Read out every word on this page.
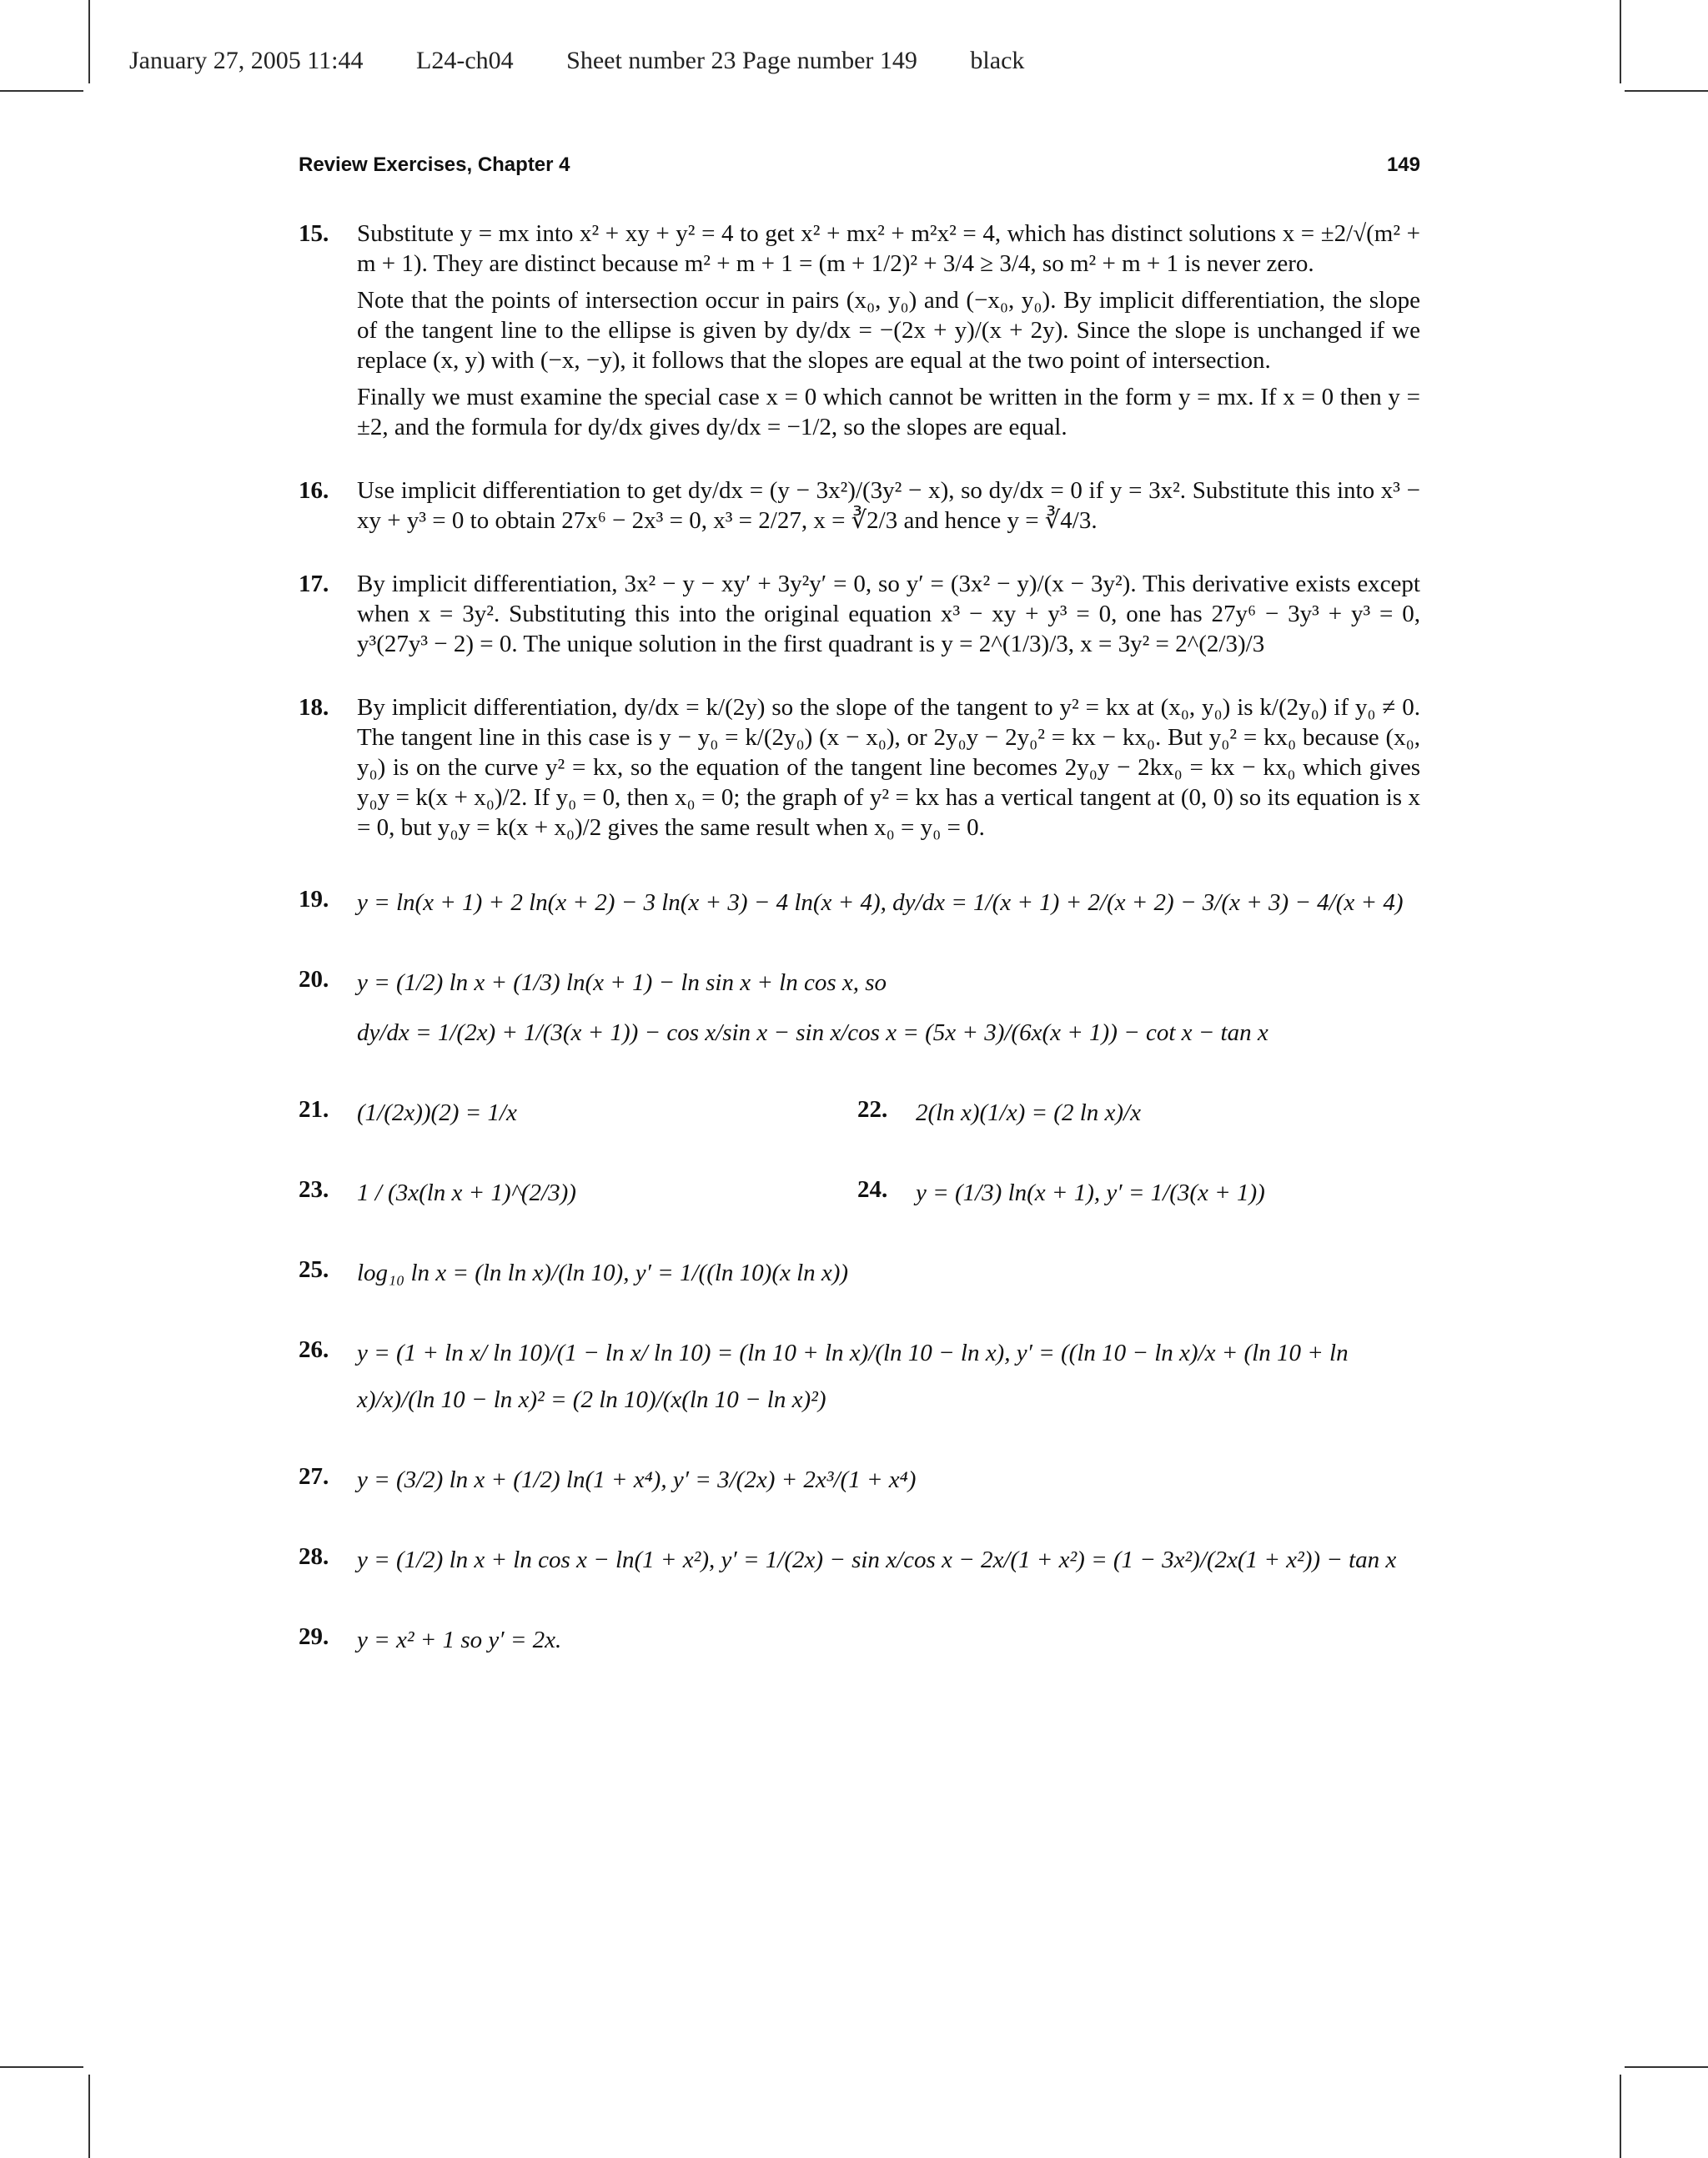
January 27, 2005 11:44 L24-ch04 Sheet number 23 Page number 149 black
Review Exercises, Chapter 4	149
15.	Substitute y = mx into x² + xy + y² = 4 to get x² + mx² + m²x² = 4, which has distinct solutions x = ±2/√(m² + m + 1). They are distinct because m² + m + 1 = (m + 1/2)² + 3/4 ≥ 3/4, so m² + m + 1 is never zero.

Note that the points of intersection occur in pairs (x₀, y₀) and (−x₀, y₀). By implicit differentiation, the slope of the tangent line to the ellipse is given by dy/dx = −(2x + y)/(x + 2y). Since the slope is unchanged if we replace (x, y) with (−x, −y), it follows that the slopes are equal at the two point of intersection.

Finally we must examine the special case x = 0 which cannot be written in the form y = mx. If x = 0 then y = ±2, and the formula for dy/dx gives dy/dx = −1/2, so the slopes are equal.

16.	Use implicit differentiation to get dy/dx = (y − 3x²)/(3y² − x), so dy/dx = 0 if y = 3x². Substitute this into x³ − xy + y³ = 0 to obtain 27x⁶ − 2x³ = 0, x³ = 2/27, x = ∛2/3 and hence y = ∛4/3.

17.	By implicit differentiation, 3x² − y − xy′ + 3y²y′ = 0, so y′ = (3x² − y)/(x − 3y²). This derivative exists except when x = 3y². Substituting this into the original equation x³ − xy + y³ = 0, one has 27y⁶ − 3y³ + y³ = 0, y³(27y³ − 2) = 0. The unique solution in the first quadrant is y = 2^(1/3)/3, x = 3y² = 2^(2/3)/3

18.	By implicit differentiation, dy/dx = k/(2y) so the slope of the tangent to y² = kx at (x₀, y₀) is k/(2y₀) if y₀ ≠ 0. The tangent line in this case is y − y₀ = k/(2y₀) (x − x₀), or 2y₀y − 2y₀² = kx − kx₀. But y₀² = kx₀ because (x₀, y₀) is on the curve y² = kx, so the equation of the tangent line becomes 2y₀y − 2kx₀ = kx − kx₀ which gives y₀y = k(x + x₀)/2. If y₀ = 0, then x₀ = 0; the graph of y² = kx has a vertical tangent at (0, 0) so its equation is x = 0, but y₀y = k(x + x₀)/2 gives the same result when x₀ = y₀ = 0.

19.	y = ln(x + 1) + 2 ln(x + 2) − 3 ln(x + 3) − 4 ln(x + 4), dy/dx = 1/(x + 1) + 2/(x + 2) − 3/(x + 3) − 4/(x + 4)
20.	y = (1/2) ln x + (1/3) ln(x + 1) − ln sin x + ln cos x, so
dy/dx = 1/(2x) + 1/(3(x + 1)) − cos x/sin x − sin x/cos x = (5x + 3)/(6x(x + 1)) − cot x − tan x
21.	(1/(2x))(2) = 1/x	22.	2(ln x)(1/x) = (2 ln x)/x
23.	1 / (3x(ln x + 1)^(2/3))	24.	y = (1/3) ln(x + 1), y′ = 1/(3(x + 1))
25.	log₁₀ ln x = (ln ln x)/(ln 10), y′ = 1/((ln 10)(x ln x))
26.	y = (1 + ln x/ ln 10)/(1 − ln x/ ln 10) = (ln 10 + ln x)/(ln 10 − ln x), y′ = ((ln 10 − ln x)/x + (ln 10 + ln x)/x)/(ln 10 − ln x)² = (2 ln 10)/(x(ln 10 − ln x)²)
27.	y = (3/2) ln x + (1/2) ln(1 + x⁴), y′ = 3/(2x) + 2x³/(1 + x⁴)
28.	y = (1/2) ln x + ln cos x − ln(1 + x²), y′ = 1/(2x) − sin x/cos x − 2x/(1 + x²) = (1 − 3x²)/(2x(1 + x²)) − tan x
29.	y = x² + 1 so y′ = 2x.
